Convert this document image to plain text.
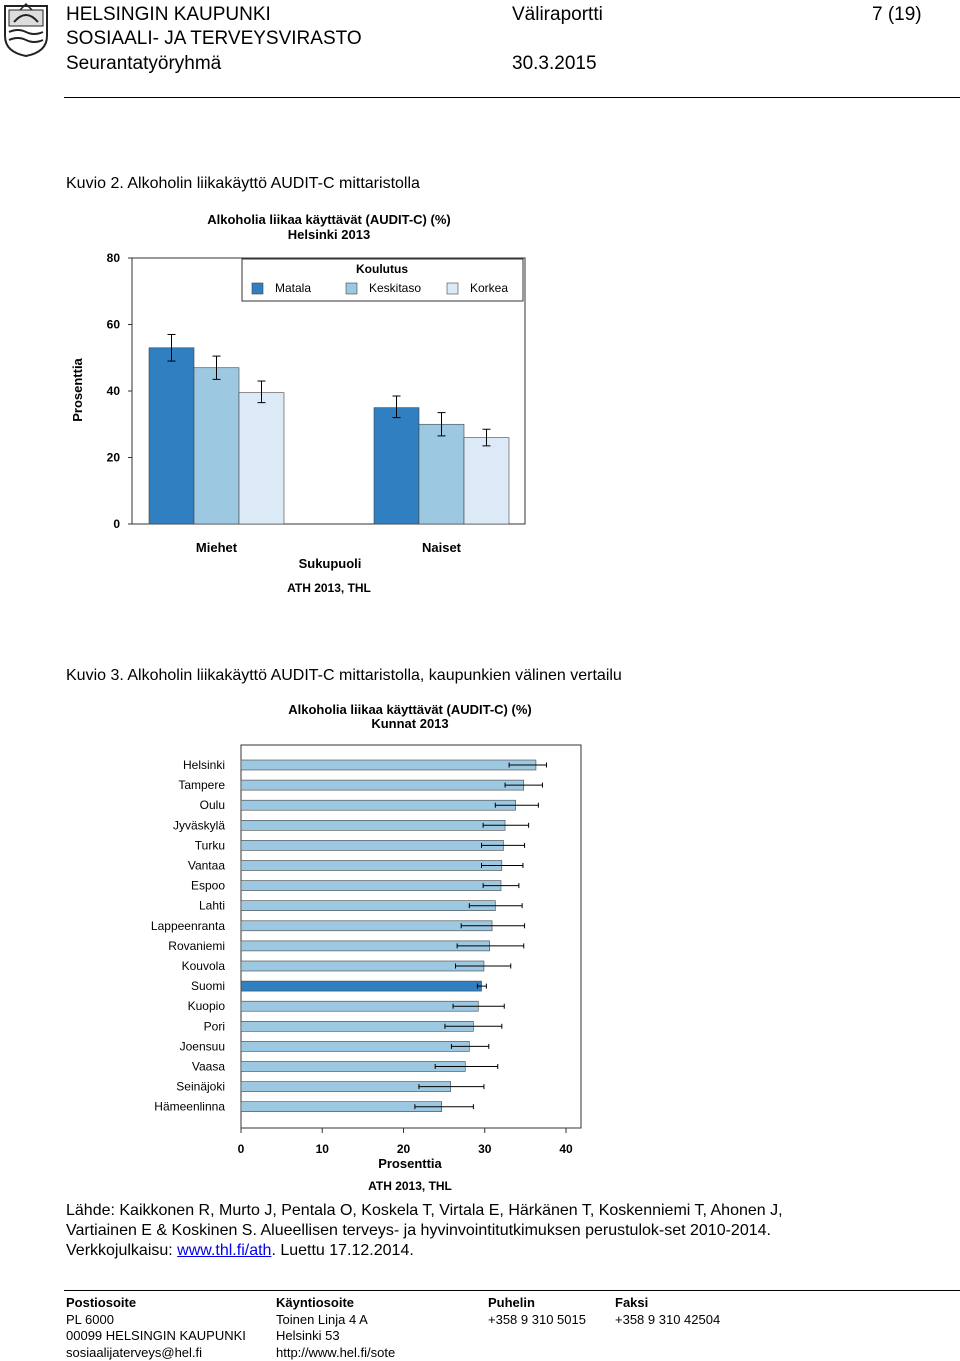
HELSINGIN KAUPUNKI
SOSIAALI- JA TERVEYSVIRASTO
Seurantatyöryhmä
Väliraportti
30.3.2015
7 (19)
Kuvio 2. Alkoholin liikakäyttö AUDIT-C mittaristolla
Alkoholia liikaa käyttävät (AUDIT-C) (%)
Helsinki 2013
0
20
40
60
80
Miehet	Naiset
Prosenttia
Sukupuoli
ATH 2013, THL
Koulutus
Matala	Keskitaso	Korkea
Kuvio 3. Alkoholin liikakäyttö AUDIT-C mittaristolla, kaupunkien välinen vertailu
Alkoholia liikaa käyttävät (AUDIT-C) (%)
Kunnat 2013
Helsinki
Tampere
Oulu
Jyväskylä
Turku
Vantaa
Espoo
Lahti
Lappeenranta
Rovaniemi
Kouvola
Suomi
Kuopio
Pori
Joensuu
Vaasa
Seinäjoki
Hämeenlinna
0	10	20	30	40
Prosenttia
ATH 2013, THL
Lähde: Kaikkonen R, Murto J, Pentala O, Koskela T, Virtala E, Härkänen T, Koskenniemi T, Ahonen J, Vartiainen E & Koskinen S. Alueellisen terveys- ja hyvinvointitutkimuksen perustulok-set 2010-2014. Verkkojulkaisu: www.thl.fi/ath. Luettu 17.12.2014.
Postiosoite
PL 6000
00099 HELSINGIN KAUPUNKI
sosiaalijaterveys@hel.fi
Käyntiosoite
Toinen Linja 4 A
Helsinki 53
http://www.hel.fi/sote
Puhelin
+358 9 310 5015
Faksi
+358 9 310 42504
